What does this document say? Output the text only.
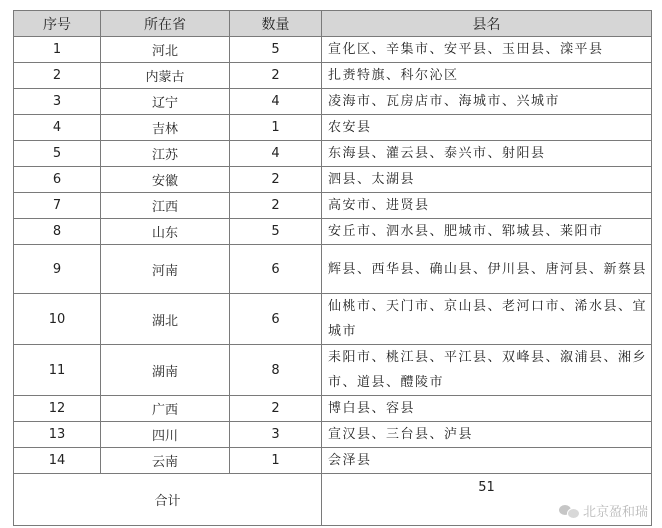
序号	所在省	数量	县名
1	河北	5	宣化区、辛集市、安平县、玉田县、滦平县
2	内蒙古	2	扎赉特旗、科尔沁区
3	辽宁	4	凌海市、瓦房店市、海城市、兴城市
4	吉林	1	农安县
5	江苏	4	东海县、灌云县、泰兴市、射阳县
6	安徽	2	泗县、太湖县
7	江西	2	高安市、进贤县
8	山东	5	安丘市、泗水县、肥城市、郓城县、莱阳市
9	河南	6	辉县、西华县、确山县、伊川县、唐河县、新蔡县
10	湖北	6	仙桃市、天门市、京山县、老河口市、浠水县、宜城市
11	湖南	8	耒阳市、桃江县、平江县、双峰县、溆浦县、湘乡市、道县、醴陵市
12	广西	2	博白县、容县
13	四川	3	宣汉县、三台县、泸县
14	云南	1	会泽县
合计			51
北京盈和瑞
